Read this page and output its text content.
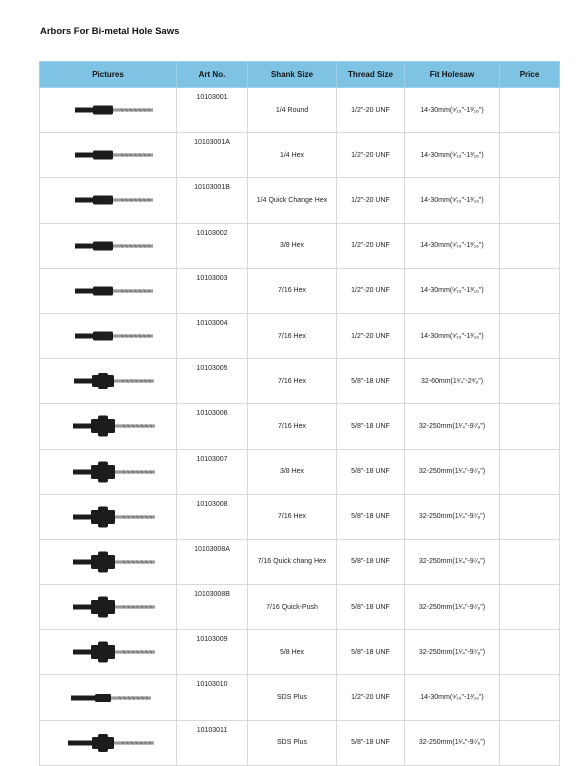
Arbors For Bi-metal Hole Saws
Pictures	Art No.	Shank Size	Thread Size	Fit Holesaw	Price

	10103001	1/4 Round	1/2"-20 UNF	14-30mm(⁹⁄₁₆"-1³⁄₁₆")	

	10103001A	1/4 Hex	1/2"-20 UNF	14-30mm(⁹⁄₁₆"-1³⁄₁₆")	

	10103001B	1/4 Quick Change Hex	1/2"-20 UNF	14-30mm(⁹⁄₁₆"-1³⁄₁₆")	

	10103002	3/8 Hex	1/2"-20 UNF	14-30mm(⁹⁄₁₆"-1³⁄₁₆")	

	10103003	7/16 Hex	1/2"-20 UNF	14-30mm(⁹⁄₁₆"-1³⁄₁₆")	

	10103004	7/16 Hex	1/2"-20 UNF	14-30mm(⁹⁄₁₆"-1³⁄₁₆")	

	10103005	7/16 Hex	5/8"-18 UNF	32-60mm(1¹⁄₄"-2³⁄₈")	

	10103006	7/16 Hex	5/8"-18 UNF	32-250mm(1¹⁄₄"-9⁷⁄₈")	

	10103007	3/8 Hex	5/8"-18 UNF	32-250mm(1¹⁄₄"-9⁷⁄₈")	

	10103008	7/16 Hex	5/8"-18 UNF	32-250mm(1¹⁄₄"-9⁷⁄₈")	

	10103008A	7/16 Quick chang Hex	5/8"-18 UNF	32-250mm(1¹⁄₄"-9⁷⁄₈")	

	10103008B	7/16 Quick-Push	5/8"-18 UNF	32-250mm(1¹⁄₄"-9⁷⁄₈")	

	10103009	5/8 Hex	5/8"-18 UNF	32-250mm(1¹⁄₄"-9⁷⁄₈")	

	10103010	SDS Plus	1/2"-20 UNF	14-30mm(⁹⁄₁₆"-1³⁄₁₆")	

	10103011	SDS Plus	5/8"-18 UNF	32-250mm(1¹⁄₄"-9⁷⁄₈")	
